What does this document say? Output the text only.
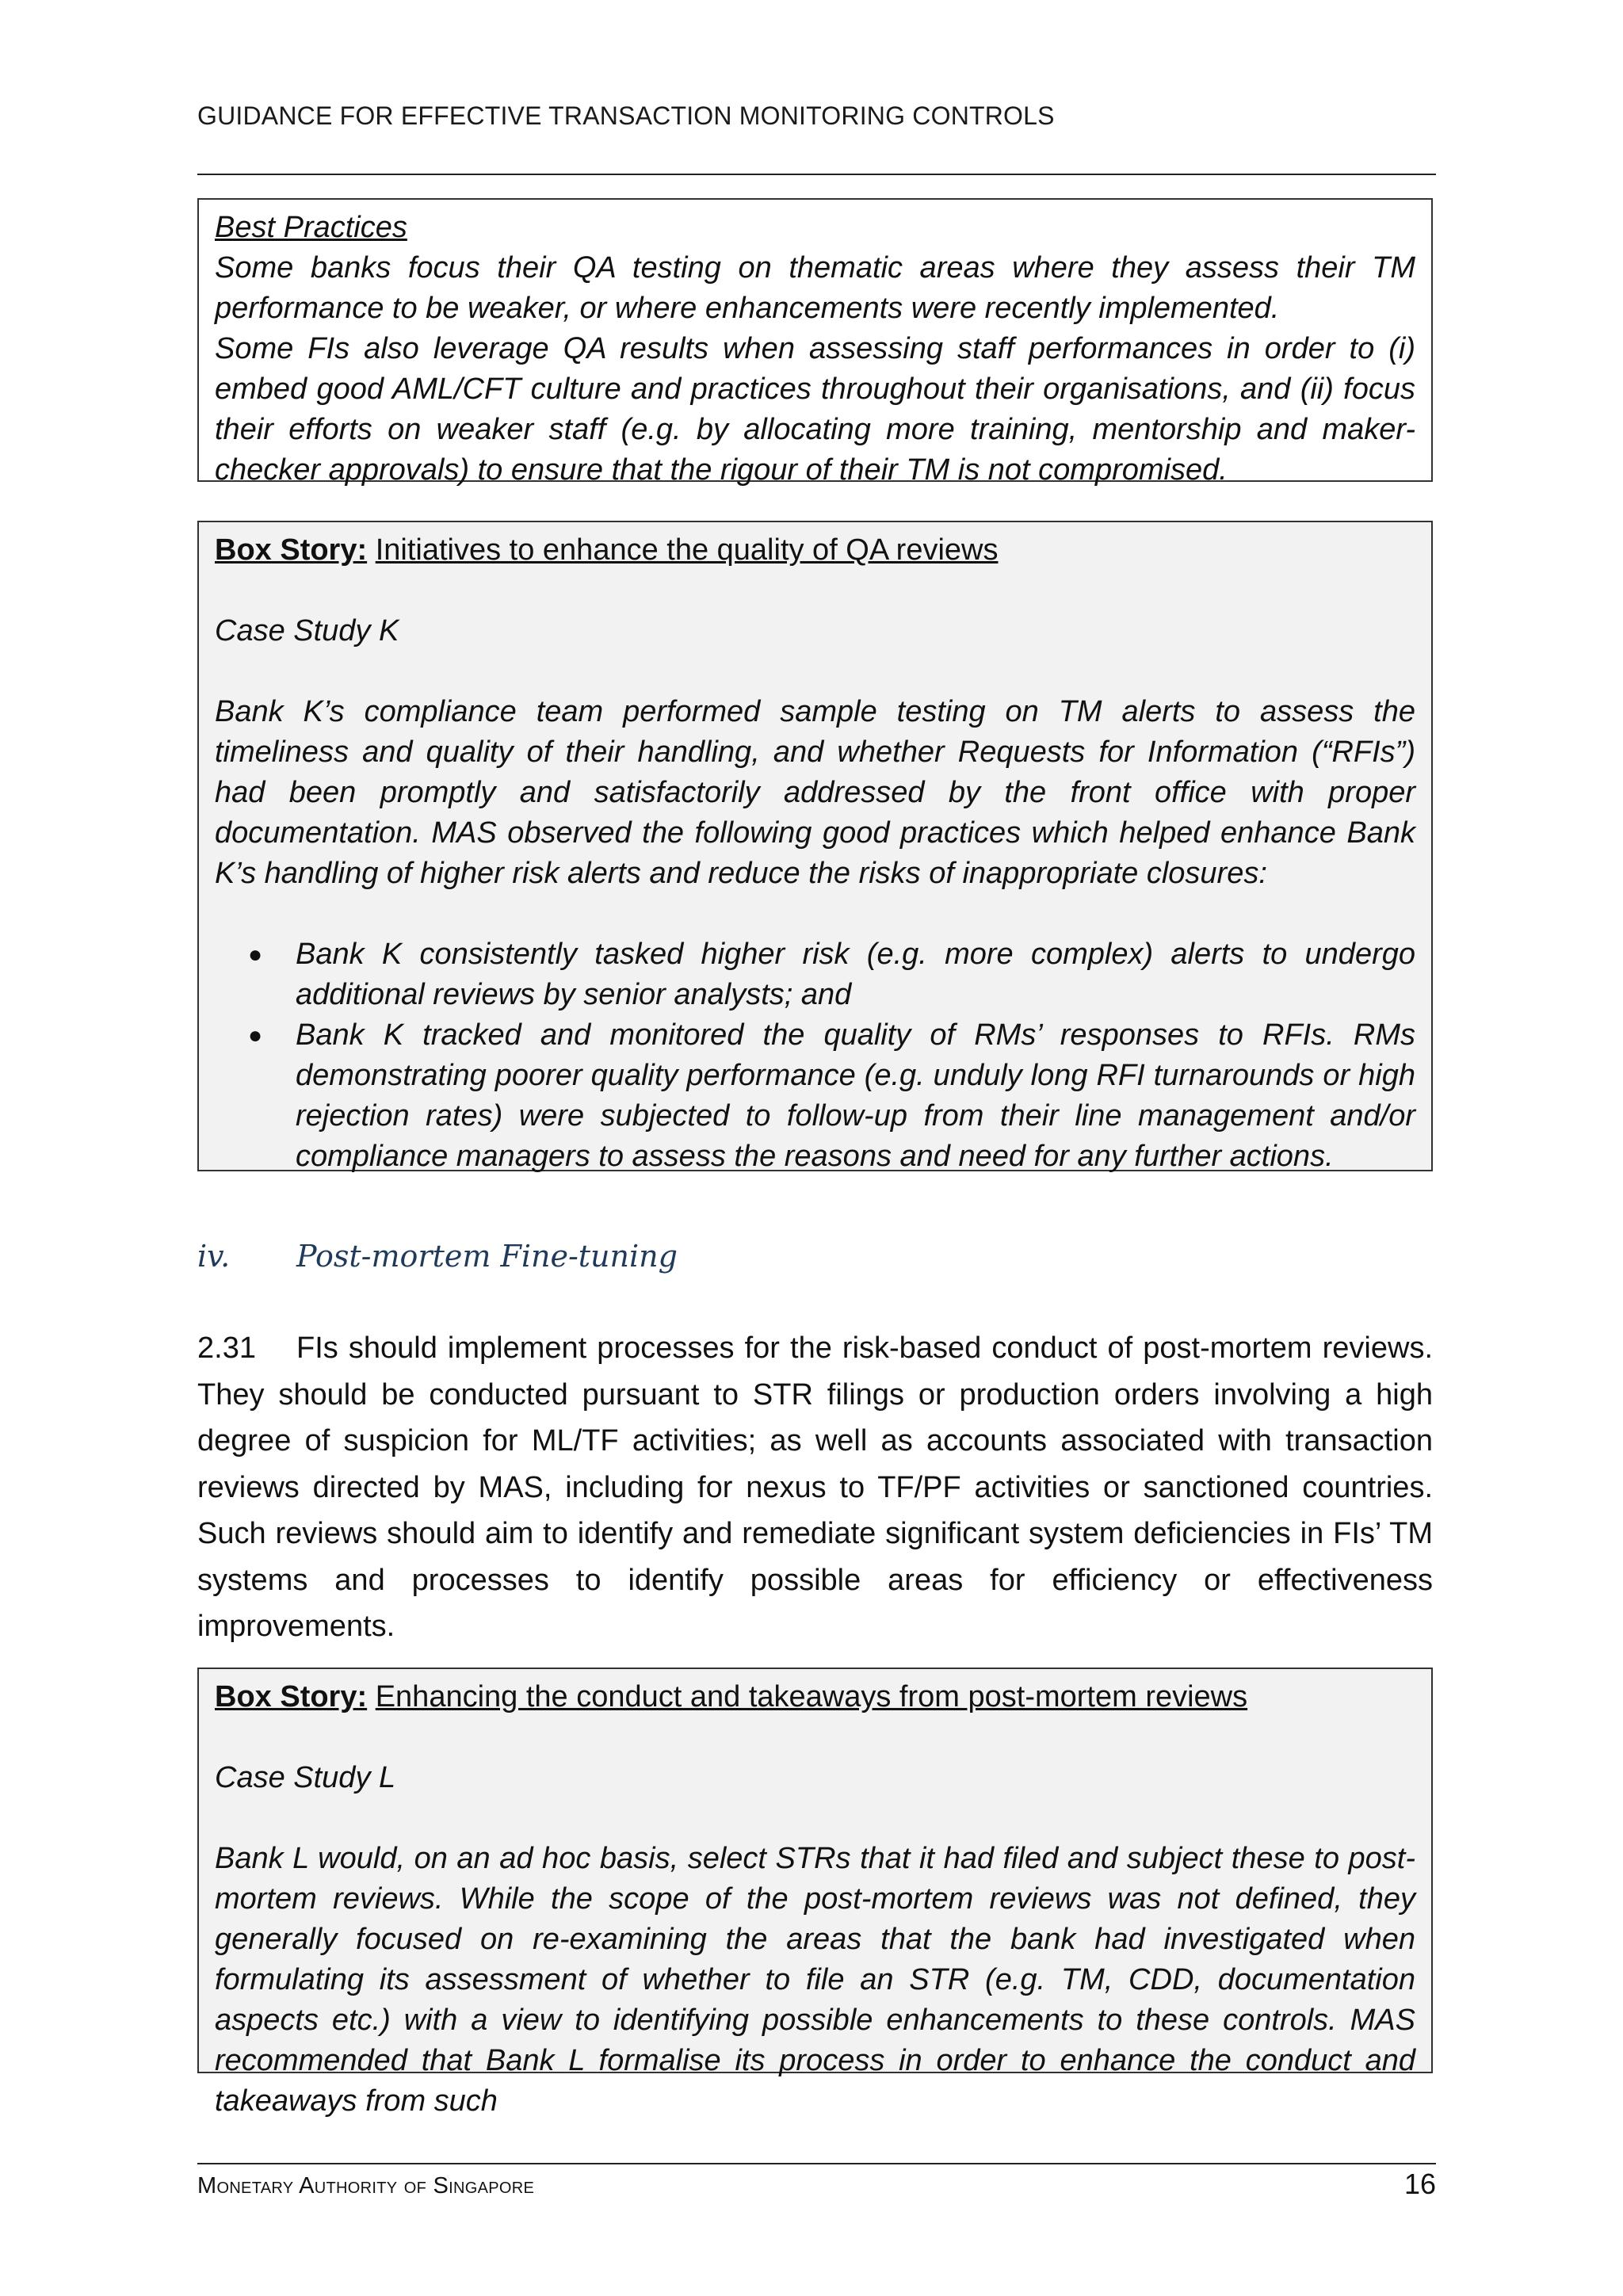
GUIDANCE FOR EFFECTIVE TRANSACTION MONITORING CONTROLS
Best Practices

Some banks focus their QA testing on thematic areas where they assess their TM performance to be weaker, or where enhancements were recently implemented.

Some FIs also leverage QA results when assessing staff performances in order to (i) embed good AML/CFT culture and practices throughout their organisations, and (ii) focus their efforts on weaker staff (e.g. by allocating more training, mentorship and maker-checker approvals) to ensure that the rigour of their TM is not compromised.

Box Story: Initiatives to enhance the quality of QA reviews
Case Study K

Bank K’s compliance team performed sample testing on TM alerts to assess the timeliness and quality of their handling, and whether Requests for Information (“RFIs”) had been promptly and satisfactorily addressed by the front office with proper documentation. MAS observed the following good practices which helped enhance Bank K’s handling of higher risk alerts and reduce the risks of inappropriate closures:

● Bank K consistently tasked higher risk (e.g. more complex) alerts to undergo additional reviews by senior analysts; and
● Bank K tracked and monitored the quality of RMs’ responses to RFIs. RMs demonstrating poorer quality performance (e.g. unduly long RFI turnarounds or high rejection rates) were subjected to follow-up from their line management and/or compliance managers to assess the reasons and need for any further actions.
iv. Post-mortem Fine-tuning
2.31 FIs should implement processes for the risk-based conduct of post-mortem reviews. They should be conducted pursuant to STR filings or production orders involving a high degree of suspicion for ML/TF activities; as well as accounts associated with transaction reviews directed by MAS, including for nexus to TF/PF activities or sanctioned countries. Such reviews should aim to identify and remediate significant system deficiencies in FIs’ TM systems and processes to identify possible areas for efficiency or effectiveness improvements.
Box Story: Enhancing the conduct and takeaways from post-mortem reviews
Case Study L

Bank L would, on an ad hoc basis, select STRs that it had filed and subject these to post-mortem reviews. While the scope of the post-mortem reviews was not defined, they generally focused on re-examining the areas that the bank had investigated when formulating its assessment of whether to file an STR (e.g. TM, CDD, documentation aspects etc.) with a view to identifying possible enhancements to these controls. MAS recommended that Bank L formalise its process in order to enhance the conduct and takeaways from such

Monetary Authority of Singapore	16
